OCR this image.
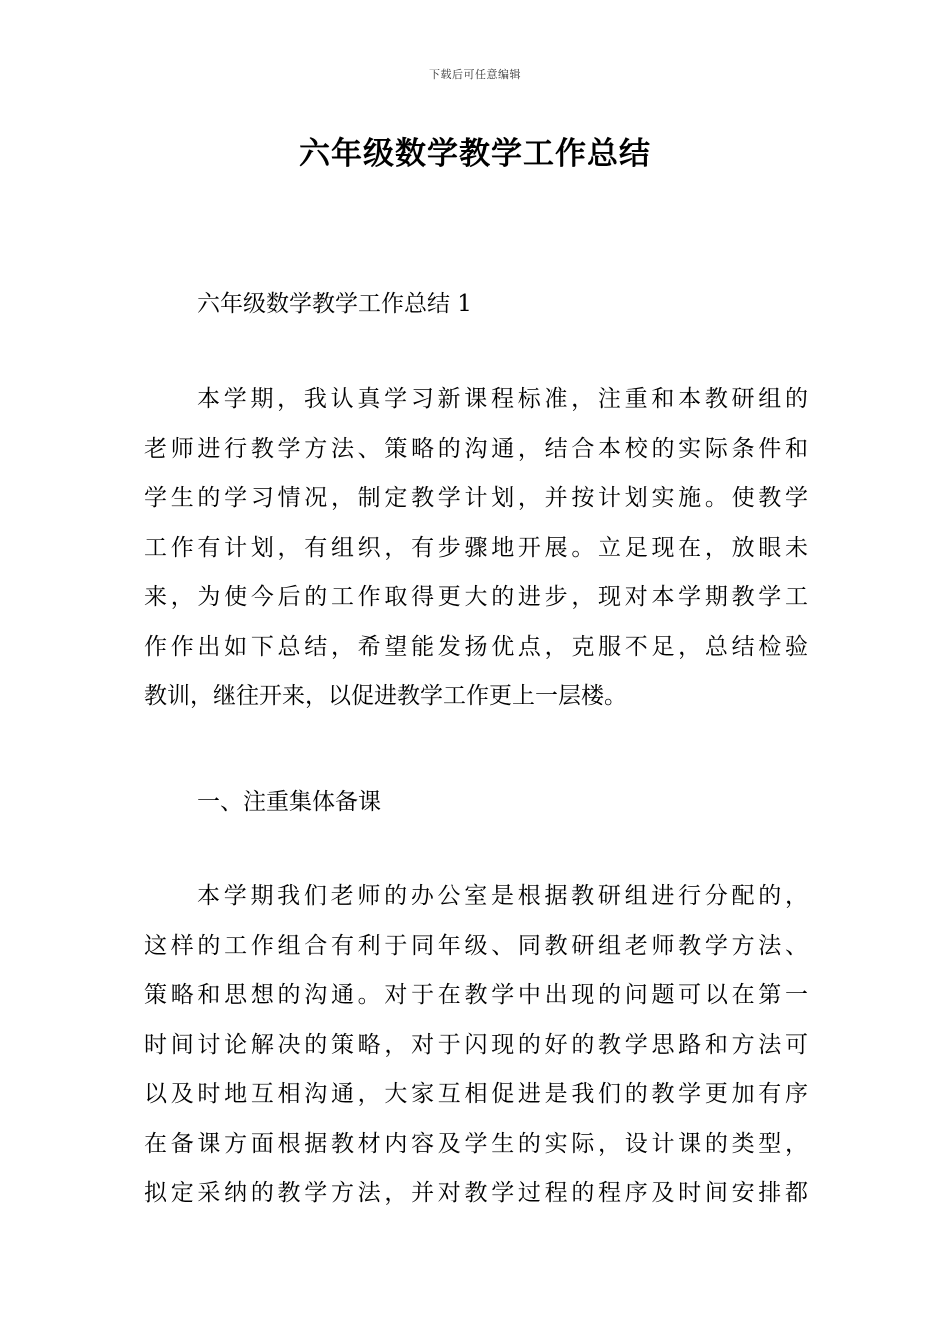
下载后可任意编辑
六年级数学教学工作总结
六年级数学教学工作总结 1
本学期，我认真学习新课程标准，注重和本教研组的
老师进行教学方法、策略的沟通，结合本校的实际条件和
学生的学习情况，制定教学计划，并按计划实施。使教学
工作有计划，有组织，有步骤地开展。立足现在，放眼未
来，为使今后的工作取得更大的进步，现对本学期教学工
作作出如下总结，希望能发扬优点，克服不足，总结检验
教训，继往开来，以促进教学工作更上一层楼。
一、注重集体备课
本学期我们老师的办公室是根据教研组进行分配的，
这样的工作组合有利于同年级、同教研组老师教学方法、
策略和思想的沟通。对于在教学中出现的问题可以在第一
时间讨论解决的策略，对于闪现的好的教学思路和方法可
以及时地互相沟通，大家互相促进是我们的教学更加有序
在备课方面根据教材内容及学生的实际，设计课的类型，
拟定采纳的教学方法，并对教学过程的程序及时间安排都
